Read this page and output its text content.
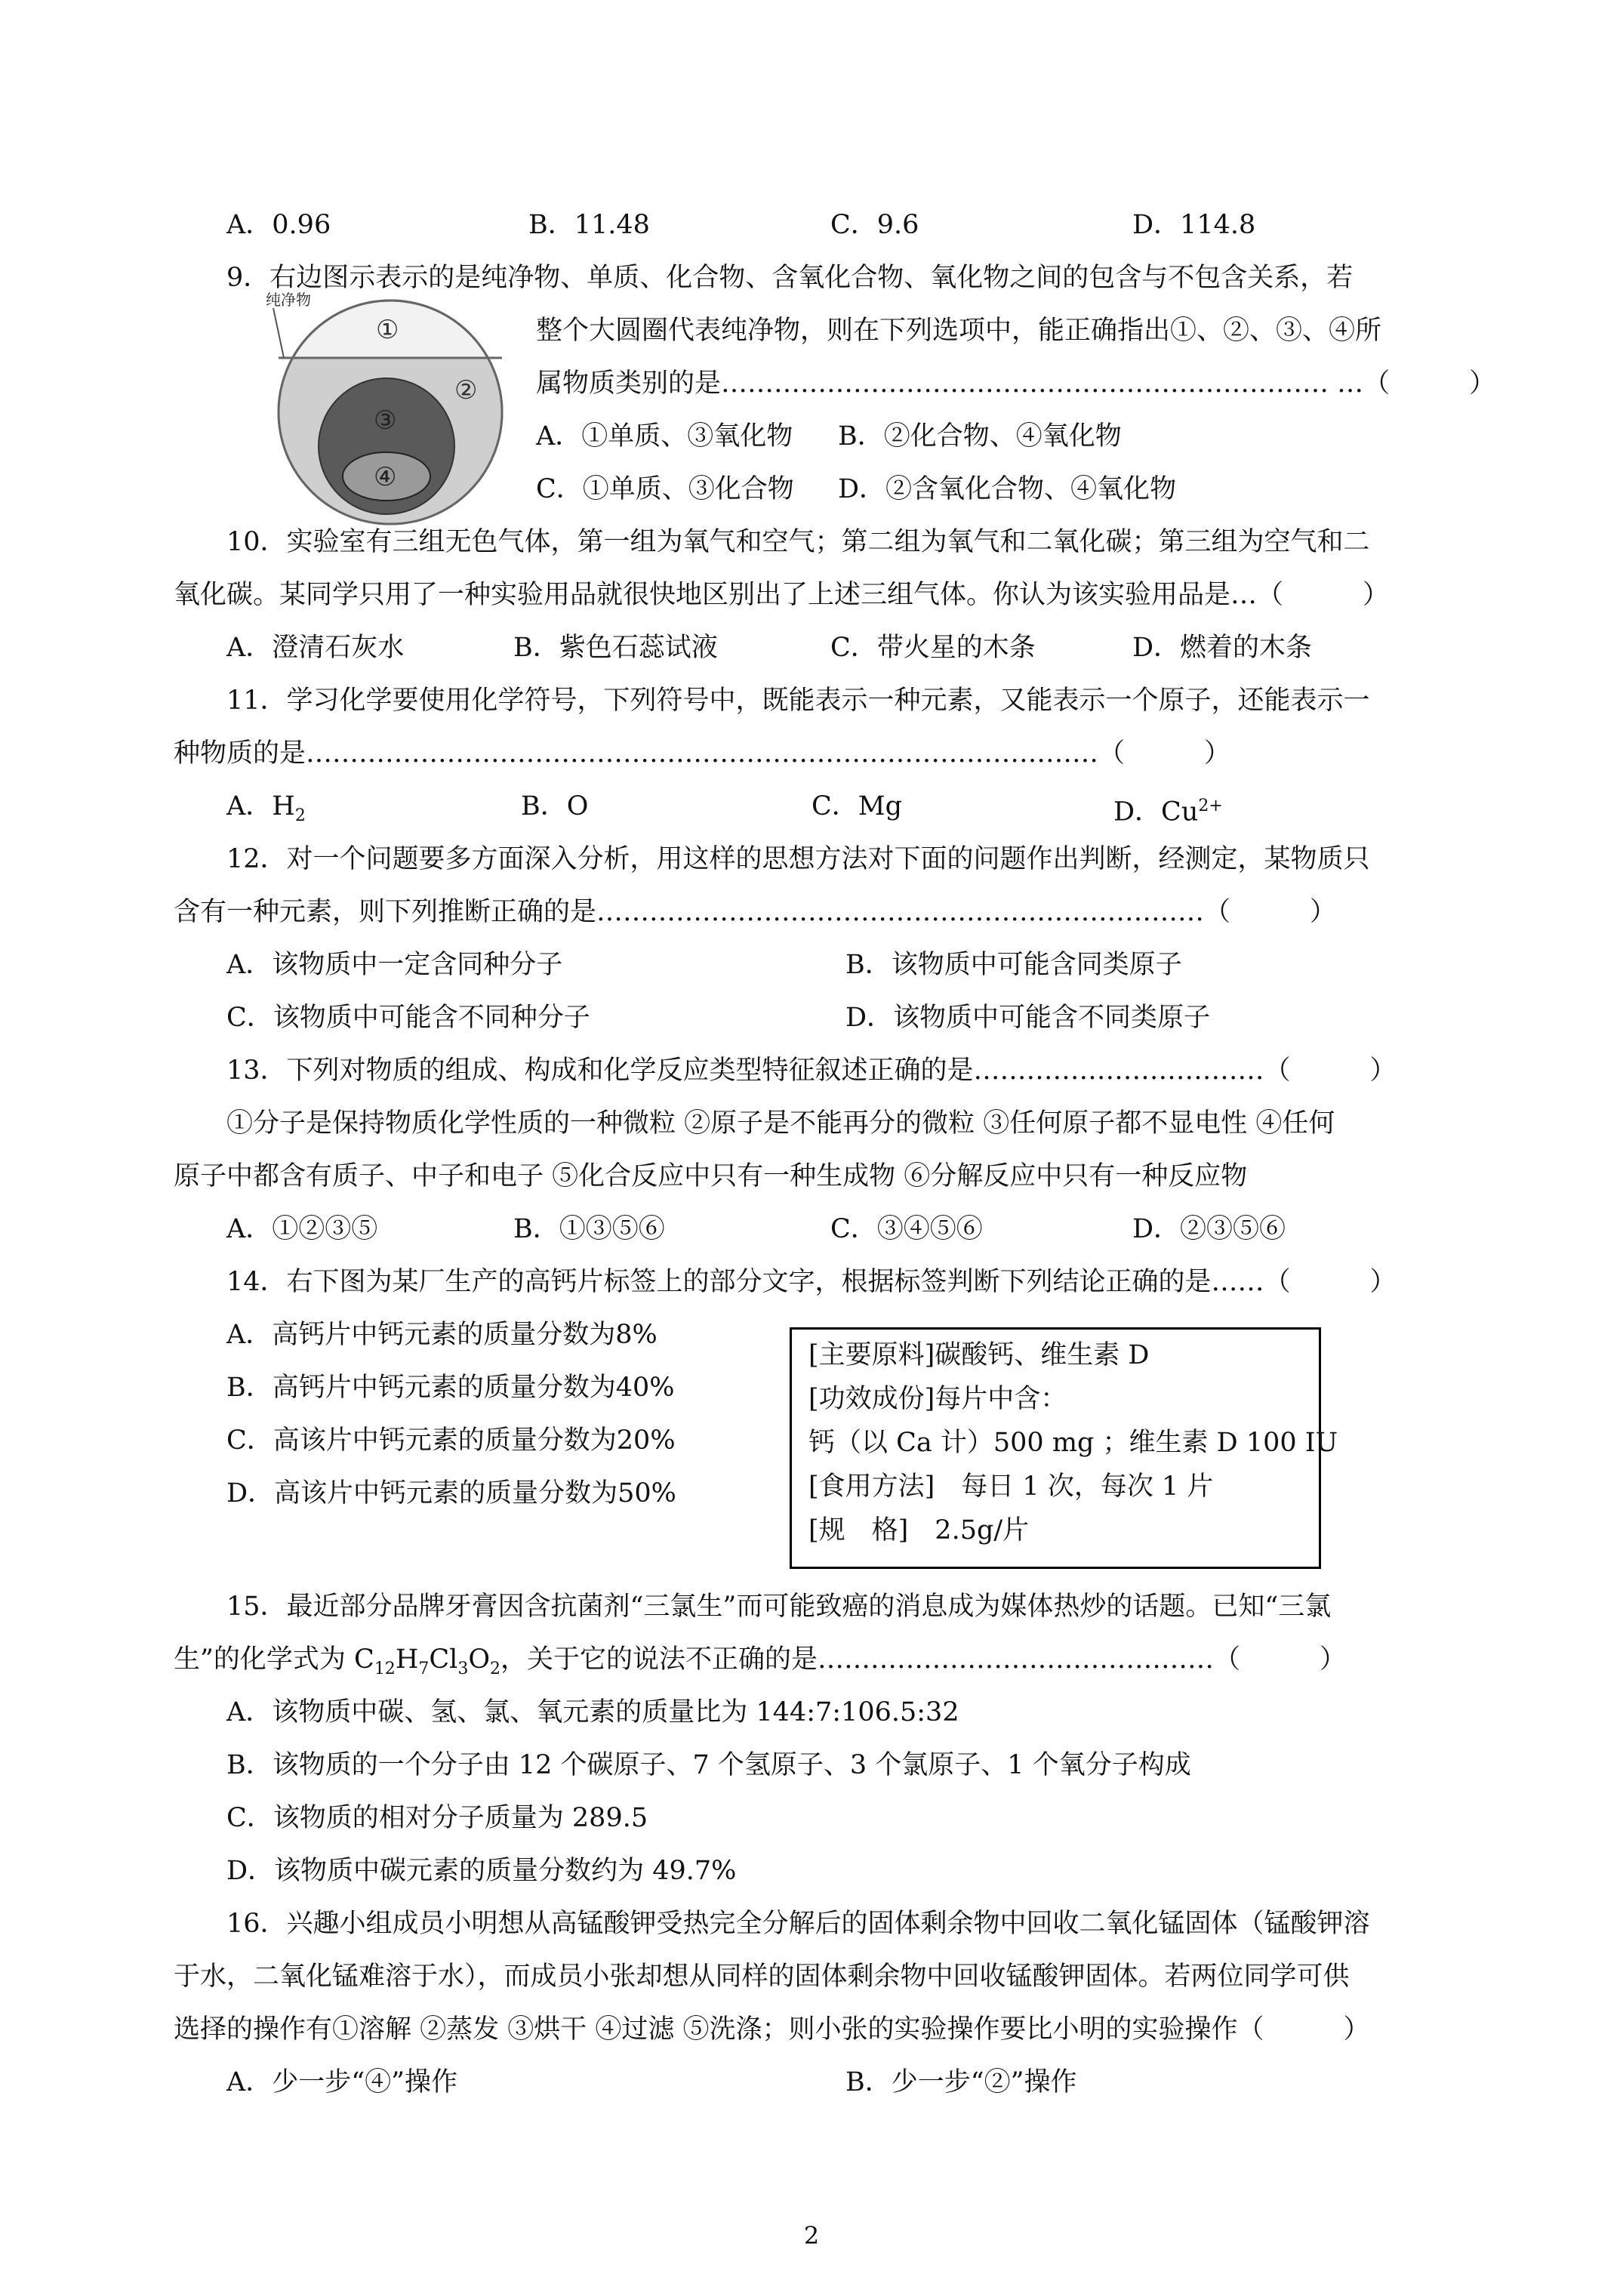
A．0.96	B．11.48	C．9.6	D．114.8
9．右边图示表示的是纯净物、单质、化合物、含氧化合物、氧化物之间的包含与不包含关系，若
纯净物
①
②
③
④
整个大圆圈代表纯净物，则在下列选项中，能正确指出①、②、③、④所
属物质类别的是…………………………………………………………… …（　　　）
A．①单质、③氧化物 B．②化合物、④氧化物
C．①单质、③化合物 D．②含氧化合物、④氧化物
10．实验室有三组无色气体，第一组为氧气和空气；第二组为氧气和二氧化碳；第三组为空气和二
氧化碳。某同学只用了一种实验用品就很快地区别出了上述三组气体。你认为该实验用品是…（　　　）
A．澄清石灰水	B．紫色石蕊试液	C．带火星的木条	D．燃着的木条
11．学习化学要使用化学符号，下列符号中，既能表示一种元素，又能表示一个原子，还能表示一
种物质的是………………………………………………………………………………（　　　）
A．$H_2$	B．O	C．Mg	D．$Cu^{2+}$
12．对一个问题要多方面深入分析，用这样的思想方法对下面的问题作出判断，经测定，某物质只
含有一种元素，则下列推断正确的是……………………………………………………………（　　　）
A．该物质中一定含同种分子	B．该物质中可能含同类原子
C．该物质中可能含不同种分子	D．该物质中可能含不同类原子
13．下列对物质的组成、构成和化学反应类型特征叙述正确的是……………………………（　　　）
①分子是保持物质化学性质的一种微粒 ②原子是不能再分的微粒 ③任何原子都不显电性 ④任何
原子中都含有质子、中子和电子 ⑤化合反应中只有一种生成物 ⑥分解反应中只有一种反应物
A．①②③⑤	B．①③⑤⑥	C．③④⑤⑥	D．②③⑤⑥
14．右下图为某厂生产的高钙片标签上的部分文字，根据标签判断下列结论正确的是……（　　　）
A．高钙片中钙元素的质量分数为8%
B．高钙片中钙元素的质量分数为40%
C．高该片中钙元素的质量分数为20%
D．高该片中钙元素的质量分数为50%
[主要原料]碳酸钙、维生素 D
[功效成份]每片中含：
钙（以 Ca 计）500 mg ；维生素 D 100 IU
[食用方法]　每日 1 次，每次 1 片
[规　格]　2.5g/片
15．最近部分品牌牙膏因含抗菌剂“三氯生”而可能致癌的消息成为媒体热炒的话题。已知“三氯
生”的化学式为 $C_{12}H_7Cl_3O_2$，关于它的说法不正确的是………………………………………（　　　）
A．该物质中碳、氢、氯、氧元素的质量比为 144:7:106.5:32
B．该物质的一个分子由 12 个碳原子、7 个氢原子、3 个氯原子、1 个氧分子构成
C．该物质的相对分子质量为 289.5
D．该物质中碳元素的质量分数约为 49.7%
16．兴趣小组成员小明想从高锰酸钾受热完全分解后的固体剩余物中回收二氧化锰固体（锰酸钾溶
于水，二氧化锰难溶于水），而成员小张却想从同样的固体剩余物中回收锰酸钾固体。若两位同学可供
选择的操作有①溶解 ②蒸发 ③烘干 ④过滤 ⑤洗涤；则小张的实验操作要比小明的实验操作（　　　）
A．少一步“④”操作	B．少一步“②”操作
2
